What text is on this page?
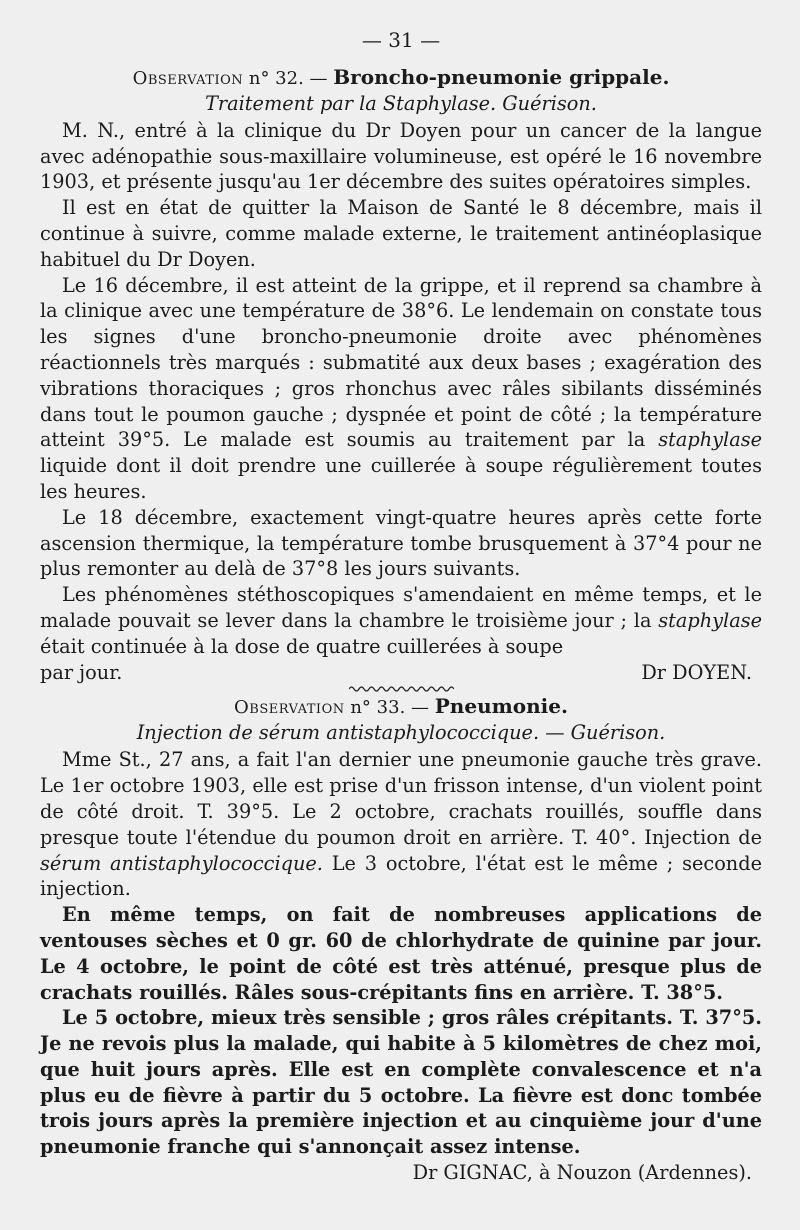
— 31 —
Observation n° 32. — Broncho-pneumonie grippale.
Traitement par la Staphylase. Guérison.

M. N., entré à la clinique du Dr Doyen pour un cancer de la langue avec adénopathie sous-maxillaire volumineuse, est opéré le 16 novembre 1903, et présente jusqu'au 1er décembre des suites opératoires simples.

Il est en état de quitter la Maison de Santé le 8 décembre, mais il continue à suivre, comme malade externe, le traitement antinéoplasique habituel du Dr Doyen.

Le 16 décembre, il est atteint de la grippe, et il reprend sa chambre à la clinique avec une température de 38°6. Le lendemain on constate tous les signes d'une broncho-pneumonie droite avec phénomènes réactionnels très marqués : submatité aux deux bases ; exagération des vibrations thoraciques ; gros rhonchus avec râles sibilants disséminés dans tout le poumon gauche ; dyspnée et point de côté ; la température atteint 39°5. Le malade est soumis au traitement par la staphylase liquide dont il doit prendre une cuillerée à soupe régulièrement toutes les heures.

Le 18 décembre, exactement vingt-quatre heures après cette forte ascension thermique, la température tombe brusquement à 37°4 pour ne plus remonter au delà de 37°8 les jours suivants.

Les phénomènes stéthoscopiques s'amendaient en même temps, et le malade pouvait se lever dans la chambre le troisième jour ; la staphylase était continuée à la dose de quatre cuillerées à soupe

par jour.	Dr DOYEN.
Observation n° 33. — Pneumonie.
Injection de sérum antistaphylococcique. — Guérison.

Mme St., 27 ans, a fait l'an dernier une pneumonie gauche très grave. Le 1er octobre 1903, elle est prise d'un frisson intense, d'un violent point de côté droit. T. 39°5. Le 2 octobre, crachats rouillés, souffle dans presque toute l'étendue du poumon droit en arrière. T. 40°. Injection de sérum antistaphylococcique. Le 3 octobre, l'état est le même ; seconde injection.

En même temps, on fait de nombreuses applications de ventouses sèches et 0 gr. 60 de chlorhydrate de quinine par jour. Le 4 octobre, le point de côté est très atténué, presque plus de crachats rouillés. Râles sous-crépitants fins en arrière. T. 38°5.

Le 5 octobre, mieux très sensible ; gros râles crépitants. T. 37°5. Je ne revois plus la malade, qui habite à 5 kilomètres de chez moi, que huit jours après. Elle est en complète convalescence et n'a plus eu de fièvre à partir du 5 octobre. La fièvre est donc tombée trois jours après la première injection et au cinquième jour d'une pneumonie franche qui s'annonçait assez intense.

Dr GIGNAC, à Nouzon (Ardennes).
